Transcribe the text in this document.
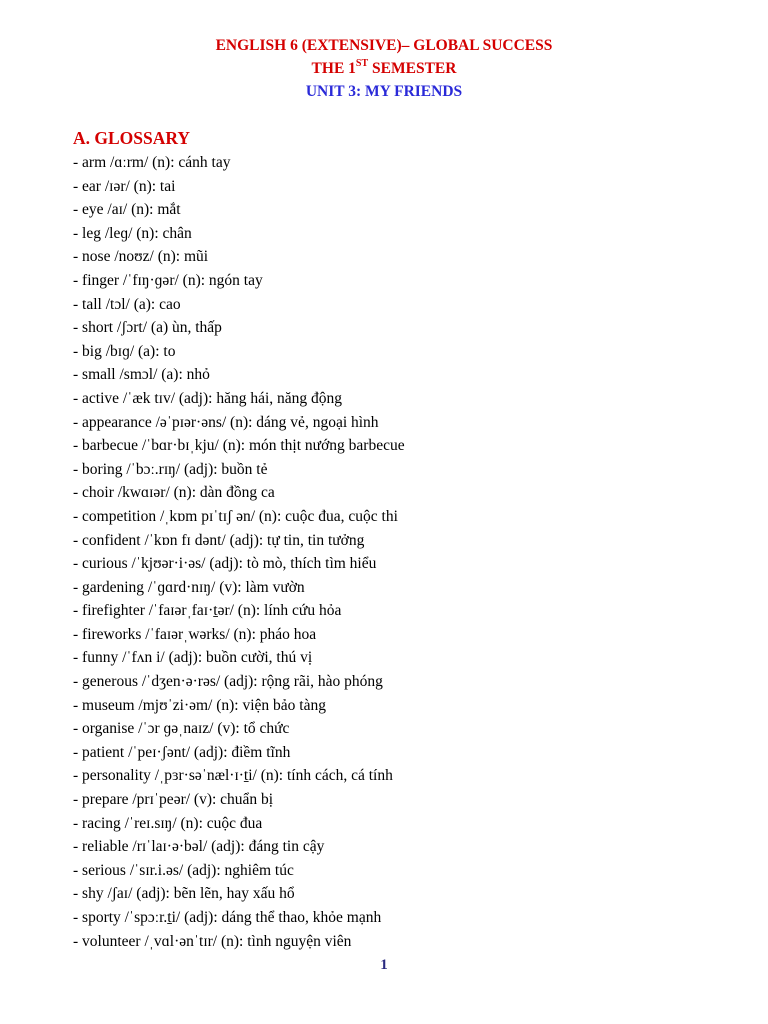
ENGLISH 6 (EXTENSIVE)– GLOBAL SUCCESS
THE 1ST SEMESTER
UNIT 3: MY FRIENDS
A. GLOSSARY
- arm /ɑːrm/ (n): cánh tay
- ear /ɪər/ (n): tai
- eye /aɪ/ (n): mắt
- leg /leɡ/ (n): chân
- nose /noʊz/ (n): mũi
- finger /ˈfɪŋ·ɡər/ (n): ngón tay
- tall /tɔl/ (a): cao
- short /ʃɔrt/ (a) ùn, thấp
- big /bɪɡ/ (a): to
- small /smɔl/ (a): nhỏ
- active /ˈæk tɪv/ (adj): hăng hái, năng động
- appearance /əˈpɪər·əns/ (n): dáng vẻ, ngoại hình
- barbecue /ˈbɑr·bɪˌkju/ (n): món thịt nướng barbecue
- boring /ˈbɔː.rɪŋ/ (adj): buồn tẻ
- choir /kwɑɪər/ (n): dàn đồng ca
- competition /ˌkɒm pɪˈtɪʃ ən/ (n): cuộc đua, cuộc thi
- confident /ˈkɒn fɪ dənt/ (adj): tự tin, tin tưởng
- curious /ˈkjʊər·i·əs/ (adj): tò mò, thích tìm hiểu
- gardening /ˈɡɑrd·nɪŋ/ (v): làm vườn
- firefighter /ˈfaɪərˌfaɪ·ṯər/ (n): lính cứu hỏa
- fireworks /ˈfaɪərˌwərks/ (n): pháo hoa
- funny /ˈfʌn i/ (adj): buồn cười, thú vị
- generous /ˈdʒen·ə·rəs/ (adj): rộng rãi, hào phóng
- museum /mjʊˈzi·əm/ (n): viện bảo tàng
- organise /ˈɔr ɡəˌnaɪz/ (v): tổ chức
- patient /ˈpeɪ·ʃənt/ (adj): điềm tĩnh
- personality /ˌpɜr·səˈnæl·ɪ·ṯi/ (n): tính cách, cá tính
- prepare /prɪˈpeər/ (v): chuẩn bị
- racing /ˈreɪ.sɪŋ/ (n): cuộc đua
- reliable /rɪˈlaɪ·ə·bəl/ (adj): đáng tin cậy
- serious /ˈsɪr.i.əs/ (adj): nghiêm túc
- shy /ʃaɪ/ (adj): bẽn lẽn, hay xấu hổ
- sporty /ˈspɔːr.ṯi/ (adj): dáng thể thao, khỏe mạnh
- volunteer /ˌvɑl·ənˈtɪr/ (n): tình nguyện viên
1
